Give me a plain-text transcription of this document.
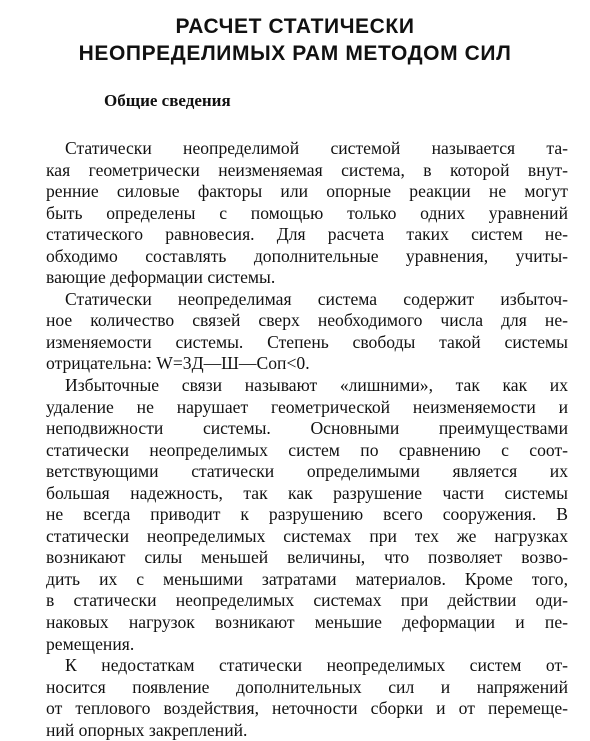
РАСЧЕТ СТАТИЧЕСКИ
НЕОПРЕДЕЛИМЫХ РАМ МЕТОДОМ СИЛ
Общие сведения
Статически неопределимой системой называется та-
кая геометрически неизменяемая система, в которой внут-
ренние силовые факторы или опорные реакции не могут
быть определены с помощью только одних уравнений
статического равновесия. Для расчета таких систем не-
обходимо составлять дополнительные уравнения, учиты-
вающие деформации системы.
Статически неопределимая система содержит избыточ-
ное количество связей сверх необходимого числа для не-
изменяемости системы. Степень свободы такой системы
отрицательна: W=3Д—Ш—Cоп<0.
Избыточные связи называют «лишними», так как их
удаление не нарушает геометрической неизменяемости и
неподвижности системы. Основными преимуществами
статически неопределимых систем по сравнению с соот-
ветствующими статически определимыми является их
большая надежность, так как разрушение части системы
не всегда приводит к разрушению всего сооружения. В
статически неопределимых системах при тех же нагрузках
возникают силы меньшей величины, что позволяет возво-
дить их с меньшими затратами материалов. Кроме того,
в статически неопределимых системах при действии оди-
наковых нагрузок возникают меньшие деформации и пе-
ремещения.
К недостаткам статически неопределимых систем от-
носится появление дополнительных сил и напряжений
от теплового воздействия, неточности сборки и от перемеще-
ний опорных закреплений.
